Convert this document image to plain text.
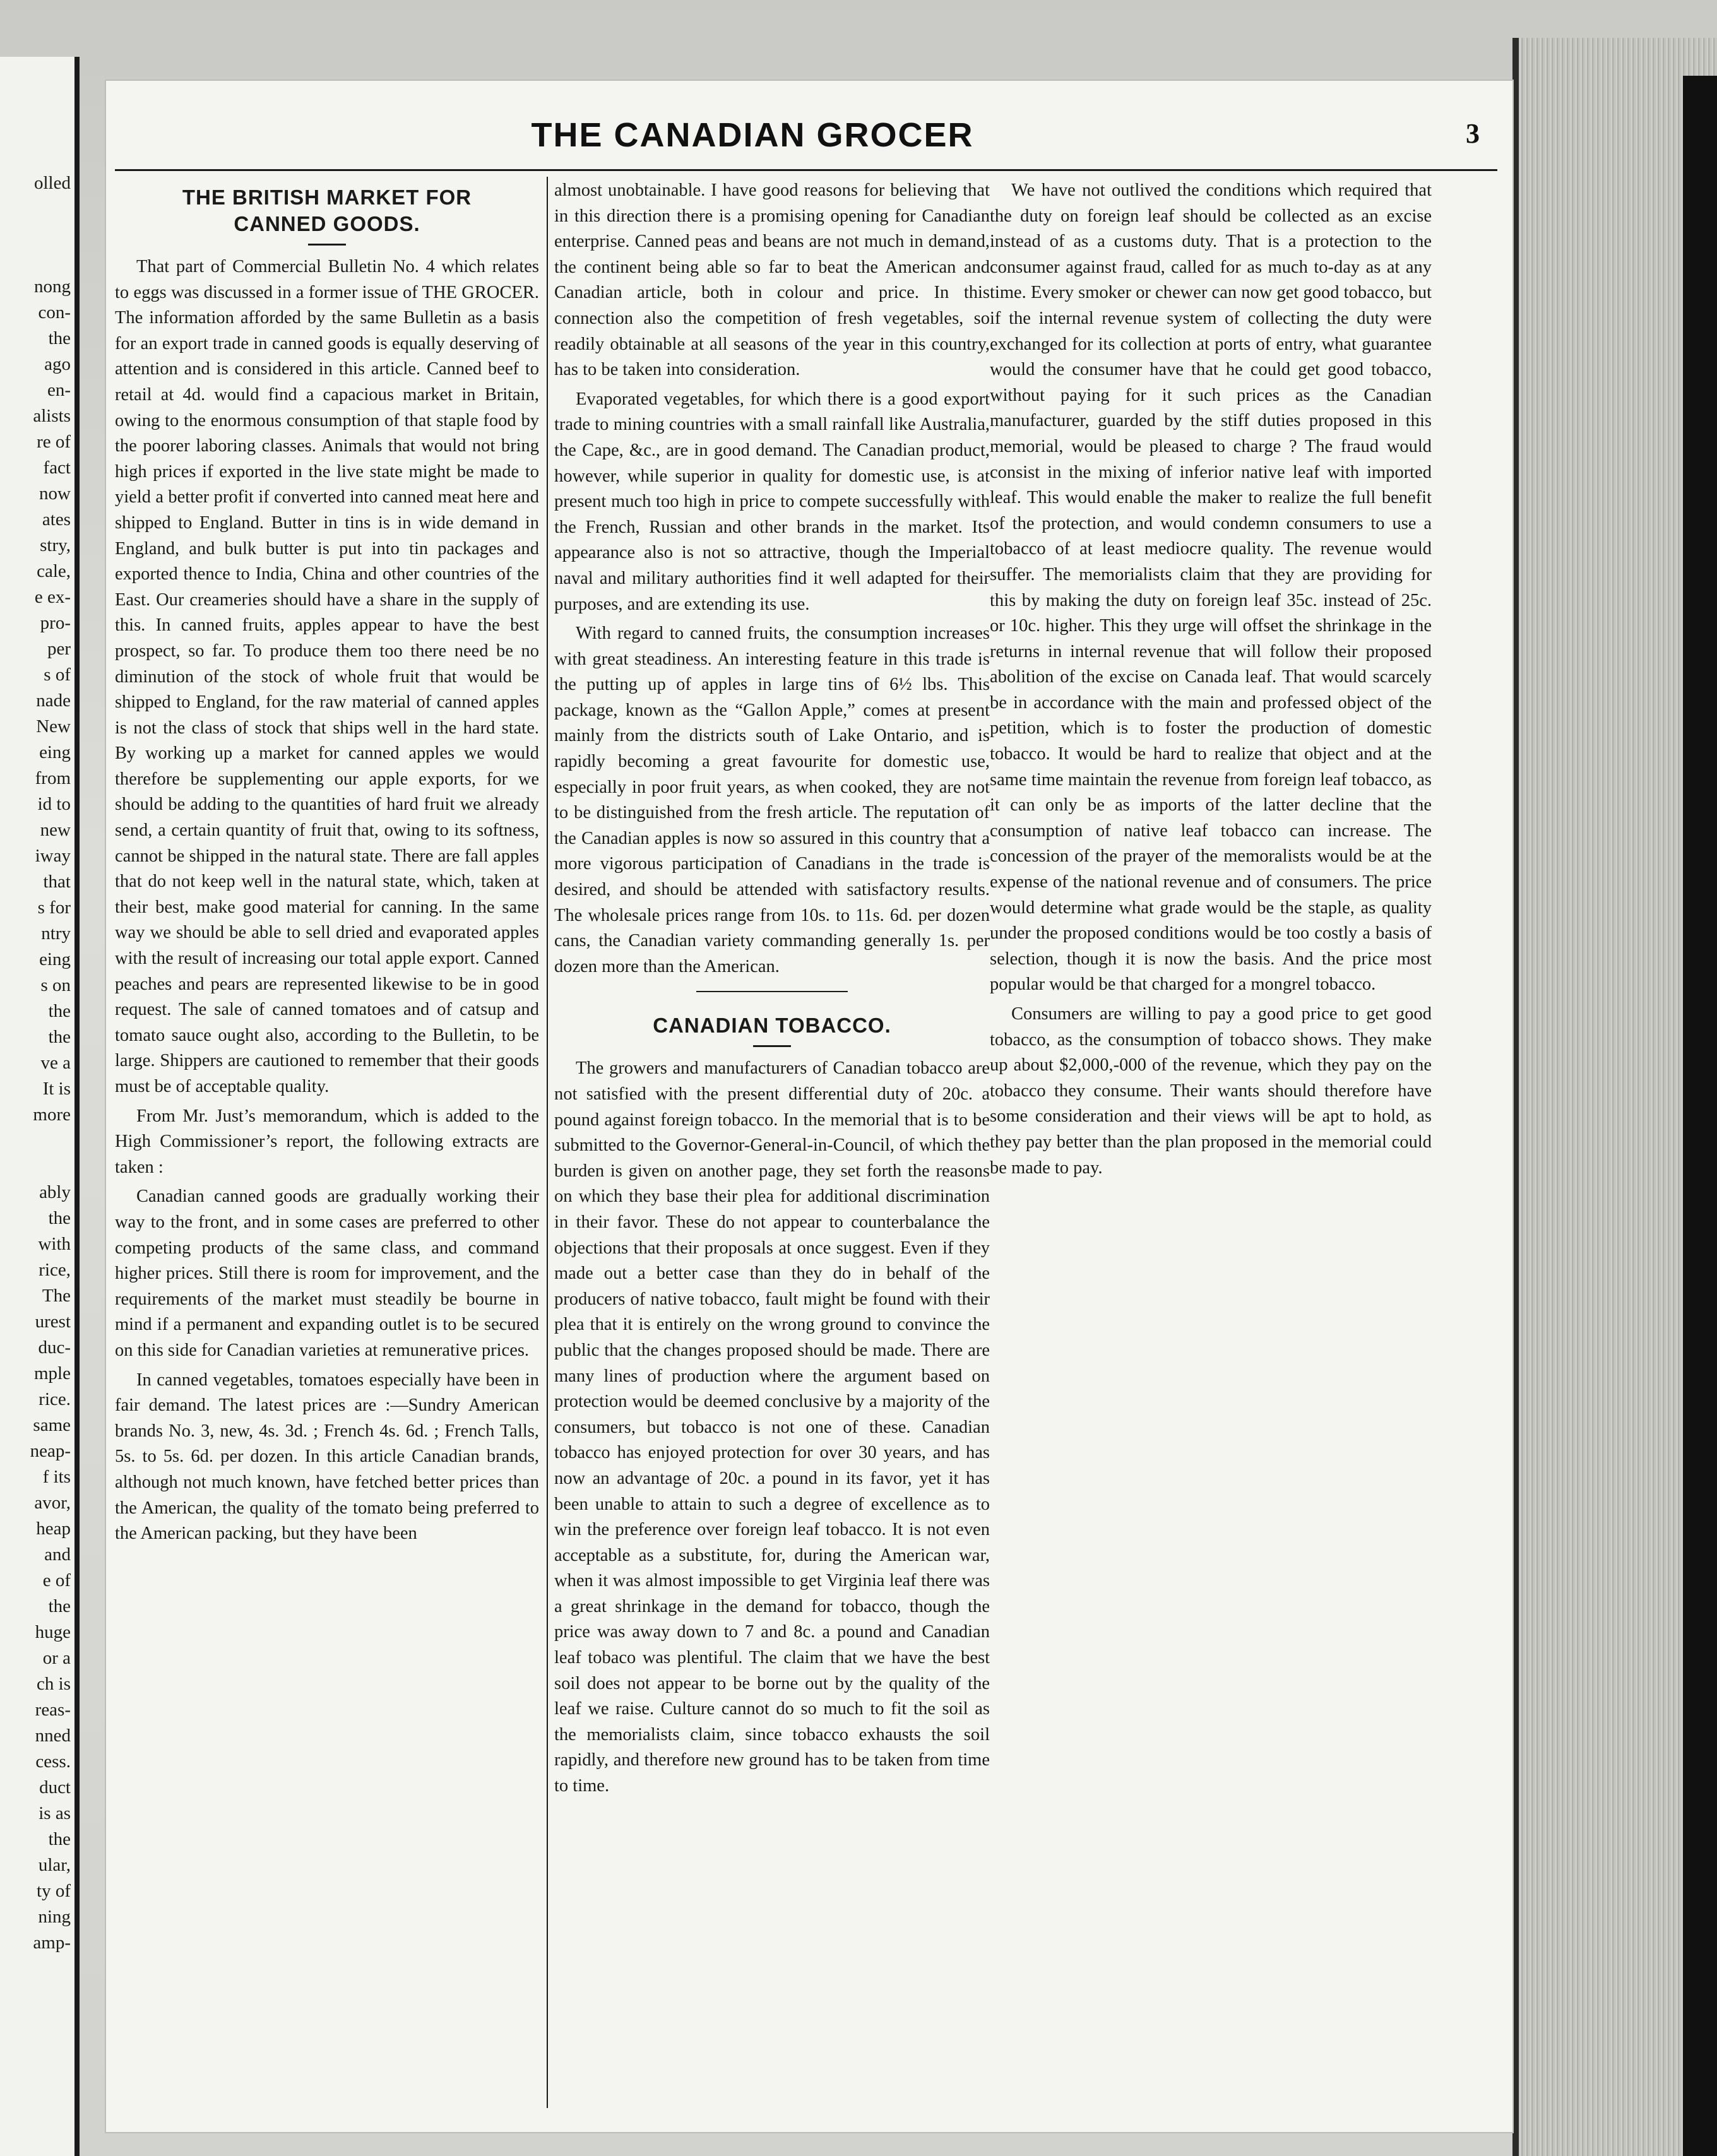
olled
nong
con-
the
ago
en-
alists
re of
fact
now
ates
stry,
cale,
e ex-
pro-
per
s of
nade
New
eing
from
id to
new
iway
that
s for
ntry
eing
s on
the
the
ve a
It is
more
ably
the
with
rice,
The
urest
duc-
mple
rice.
same
neap-
f its
avor,
heap
and
e of
the
huge
or a
ch is
reas-
nned
cess.
duct
is as
the
ular,
ty of
ning
amp-
THE CANADIAN GROCER	3
THE BRITISH MARKET FOR CANNED GOODS.

That part of Commercial Bulletin No. 4 which relates to eggs was discussed in a former issue of THE GROCER. The information afforded by the same Bulletin as a basis for an export trade in canned goods is equally deserving of attention and is considered in this article. Canned beef to retail at 4d. would find a capacious market in Britain, owing to the enormous consumption of that staple food by the poorer laboring classes. Animals that would not bring high prices if exported in the live state might be made to yield a better profit if converted into canned meat here and shipped to England. Butter in tins is in wide demand in England, and bulk butter is put into tin packages and exported thence to India, China and other countries of the East. Our creameries should have a share in the supply of this. In canned fruits, apples appear to have the best prospect, so far. To produce them too there need be no diminution of the stock of whole fruit that would be shipped to England, for the raw material of canned apples is not the class of stock that ships well in the hard state. By working up a market for canned apples we would therefore be supplementing our apple exports, for we should be adding to the quantities of hard fruit we already send, a certain quantity of fruit that, owing to its softness, cannot be shipped in the natural state. There are fall apples that do not keep well in the natural state, which, taken at their best, make good material for canning. In the same way we should be able to sell dried and evaporated apples with the result of increasing our total apple export. Canned peaches and pears are represented likewise to be in good request. The sale of canned tomatoes and of catsup and tomato sauce ought also, according to the Bulletin, to be large. Shippers are cautioned to remember that their goods must be of acceptable quality.

From Mr. Just’s memorandum, which is added to the High Commissioner’s report, the following extracts are taken :

Canadian canned goods are gradually working their way to the front, and in some cases are preferred to other competing products of the same class, and command higher prices. Still there is room for improvement, and the requirements of the market must steadily be bourne in mind if a permanent and expanding outlet is to be secured on this side for Canadian varieties at remunerative prices.

In canned vegetables, tomatoes especially have been in fair demand. The latest prices are :—Sundry American brands No. 3, new, 4s. 3d. ; French 4s. 6d. ; French Talls, 5s. to 5s. 6d. per dozen. In this article Canadian brands, although not much known, have fetched better prices than the American, the quality of the tomato being preferred to the American packing, but they have been

almost unobtainable. I have good reasons for believing that in this direction there is a promising opening for Canadian enterprise. Canned peas and beans are not much in demand, the continent being able so far to beat the American and Canadian article, both in colour and price. In this connection also the competition of fresh vegetables, so readily obtainable at all seasons of the year in this country, has to be taken into consideration.

Evaporated vegetables, for which there is a good export trade to mining countries with a small rainfall like Australia, the Cape, &c., are in good demand. The Canadian product, however, while superior in quality for domestic use, is at present much too high in price to compete successfully with the French, Russian and other brands in the market. Its appearance also is not so attractive, though the Imperial naval and military authorities find it well adapted for their purposes, and are extending its use.

With regard to canned fruits, the consumption increases with great steadiness. An interesting feature in this trade is the putting up of apples in large tins of 6½ lbs. This package, known as the “Gallon Apple,” comes at present mainly from the districts south of Lake Ontario, and is rapidly becoming a great favourite for domestic use, especially in poor fruit years, as when cooked, they are not to be distinguished from the fresh article. The reputation of the Canadian apples is now so assured in this country that a more vigorous participation of Canadians in the trade is desired, and should be attended with satisfactory results. The wholesale prices range from 10s. to 11s. 6d. per dozen cans, the Canadian variety commanding generally 1s. per dozen more than the American.

CANADIAN TOBACCO.

The growers and manufacturers of Canadian tobacco are not satisfied with the present differential duty of 20c. a pound against foreign tobacco. In the memorial that is to be submitted to the Governor-General-in-Council, of which the burden is given on another page, they set forth the reasons on which they base their plea for additional discrimination in their favor. These do not appear to counterbalance the objections that their proposals at once suggest. Even if they made out a better case than they do in behalf of the producers of native tobacco, fault might be found with their plea that it is entirely on the wrong ground to convince the public that the changes proposed should be made. There are many lines of production where the argument based on protection would be deemed conclusive by a majority of the consumers, but tobacco is not one of these. Canadian tobacco has enjoyed protection for over 30 years, and has now an advantage of 20c. a pound in its favor, yet it has been unable to attain to such a degree of excellence as to win the preference over foreign leaf tobacco. It is not even acceptable as a substitute, for, during the American war, when it was almost impossible to get Virginia leaf there was a great shrinkage in the demand for tobacco, though the price was away down to 7 and 8c. a pound and Canadian leaf tobaco was plentiful. The claim that we have the best soil does not appear to be borne out by the quality of the leaf we raise. Culture cannot do so much to fit the soil as the memorialists claim, since tobacco exhausts the soil rapidly, and therefore new ground has to be taken from time to time.

We have not outlived the conditions which required that the duty on foreign leaf should be collected as an excise instead of as a customs duty. That is a protection to the consumer against fraud, called for as much to-day as at any time. Every smoker or chewer can now get good tobacco, but if the internal revenue system of collecting the duty were exchanged for its collection at ports of entry, what guarantee would the consumer have that he could get good tobacco, without paying for it such prices as the Canadian manufacturer, guarded by the stiff duties proposed in this memorial, would be pleased to charge ? The fraud would consist in the mixing of inferior native leaf with imported leaf. This would enable the maker to realize the full benefit of the protection, and would condemn consumers to use a tobacco of at least mediocre quality. The revenue would suffer. The memorialists claim that they are providing for this by making the duty on foreign leaf 35c. instead of 25c. or 10c. higher. This they urge will offset the shrinkage in the returns in internal revenue that will follow their proposed abolition of the excise on Canada leaf. That would scarcely be in accordance with the main and professed object of the petition, which is to foster the production of domestic tobacco. It would be hard to realize that object and at the same time maintain the revenue from foreign leaf tobacco, as it can only be as imports of the latter decline that the consumption of native leaf tobacco can increase. The concession of the prayer of the memoralists would be at the expense of the national revenue and of consumers. The price would determine what grade would be the staple, as quality under the proposed conditions would be too costly a basis of selection, though it is now the basis. And the price most popular would be that charged for a mongrel tobacco.

Consumers are willing to pay a good price to get good tobacco, as the consumption of tobacco shows. They make up about $2,000,-000 of the revenue, which they pay on the tobacco they consume. Their wants should therefore have some consideration and their views will be apt to hold, as they pay better than the plan proposed in the memorial could be made to pay.
